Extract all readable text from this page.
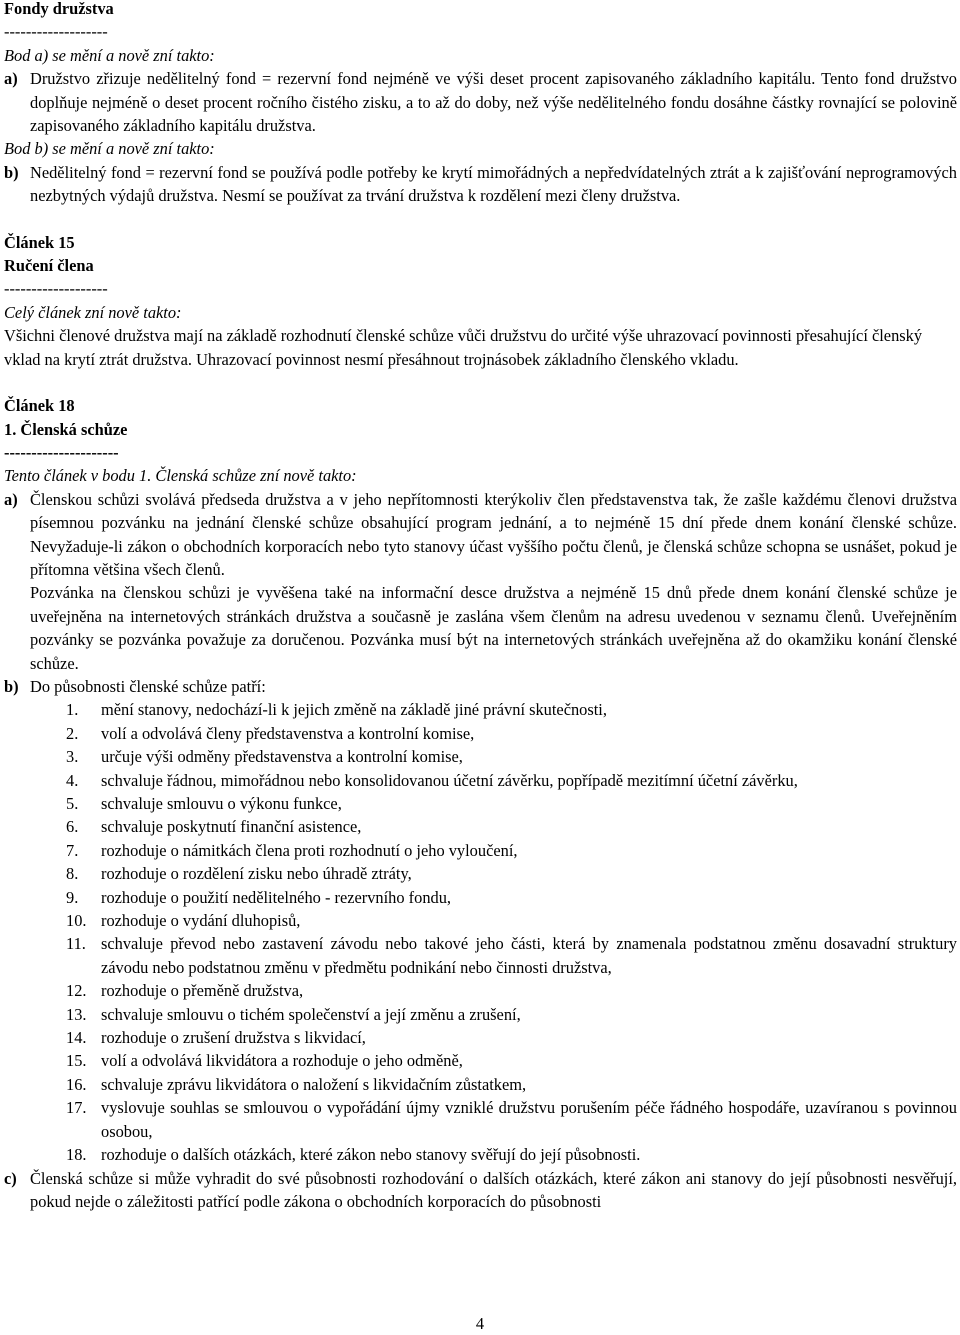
Fondy družstva

-------------------

Bod a) se mění a nově zní takto:

a) Družstvo zřizuje nedělitelný fond = rezervní fond nejméně ve výši deset procent zapisovaného základního kapitálu. Tento fond družstvo doplňuje nejméně o deset procent ročního čistého zisku, a to až do doby, než výše nedělitelného fondu dosáhne částky rovnající se polovině zapisovaného základního kapitálu družstva.

Bod b) se mění a nově zní takto:

b) Nedělitelný fond = rezervní fond se používá podle potřeby ke krytí mimořádných a nepředvídatelných ztrát a k zajišťování neprogramových nezbytných výdajů družstva. Nesmí se používat za trvání družstva k rozdělení mezi členy družstva.

Článek 15

Ručení člena

-------------------

Celý článek zní nově takto:

Všichni členové družstva mají na základě rozhodnutí členské schůze vůči družstvu do určité výše uhrazovací povinnosti přesahující členský vklad na krytí ztrát družstva. Uhrazovací povinnost nesmí přesáhnout trojnásobek základního členského vkladu.

Článek 18

1. Členská schůze

---------------------

Tento článek v bodu 1. Členská schůze zní nově takto:

a) Členskou schůzi svolává předseda družstva a v jeho nepřítomnosti kterýkoliv člen představenstva tak, že zašle každému členovi družstva písemnou pozvánku na jednání členské schůze obsahující program jednání, a to nejméně 15 dní přede dnem konání členské schůze. Nevyžaduje-li zákon o obchodních korporacích nebo tyto stanovy účast vyššího počtu členů, je členská schůze schopna se usnášet, pokud je přítomna většina všech členů.
Pozvánka na členskou schůzi je vyvěšena také na informační desce družstva a nejméně 15 dnů přede dnem konání členské schůze je uveřejněna na internetových stránkách družstva a současně je zaslána všem členům na adresu uvedenou v seznamu členů. Uveřejněním pozvánky se pozvánka považuje za doručenou. Pozvánka musí být na internetových stránkách uveřejněna až do okamžiku konání členské schůze.
b) Do působnosti členské schůze patří:
1.	mění stanovy, nedochází-li k jejich změně na základě jiné právní skutečnosti,
2.	volí a odvolává členy představenstva a kontrolní komise,
3.	určuje výši odměny představenstva a kontrolní komise,
4.	schvaluje řádnou, mimořádnou nebo konsolidovanou účetní závěrku, popřípadě mezitímní účetní závěrku,
5.	schvaluje smlouvu o výkonu funkce,
6.	schvaluje poskytnutí finanční asistence,
7.	rozhoduje o námitkách člena proti rozhodnutí o jeho vyloučení,
8.	rozhoduje o rozdělení zisku nebo úhradě ztráty,
9.	rozhoduje o použití nedělitelného - rezervního fondu,
10. rozhoduje o vydání dluhopisů,
11. schvaluje převod nebo zastavení závodu nebo takové jeho části, která by znamenala podstatnou změnu dosavadní struktury závodu nebo podstatnou změnu v předmětu podnikání nebo činnosti družstva,
12. rozhoduje o přeměně družstva,
13. schvaluje smlouvu o tichém společenství a její změnu a zrušení,
14. rozhoduje o zrušení družstva s likvidací,
15. volí a odvolává likvidátora a rozhoduje o jeho odměně,
16. schvaluje zprávu likvidátora o naložení s likvidačním zůstatkem,
17. vyslovuje souhlas se smlouvou o vypořádání újmy vzniklé družstvu porušením péče řádného hospodáře, uzavíranou s povinnou osobou,
18. rozhoduje o dalších otázkách, které zákon nebo stanovy svěřují do její působnosti.
c) Členská schůze si může vyhradit do své působnosti rozhodování o dalších otázkách, které zákon ani stanovy do její působnosti nesvěřují, pokud nejde o záležitosti patřící podle zákona o obchodních korporacích do působnosti
4
